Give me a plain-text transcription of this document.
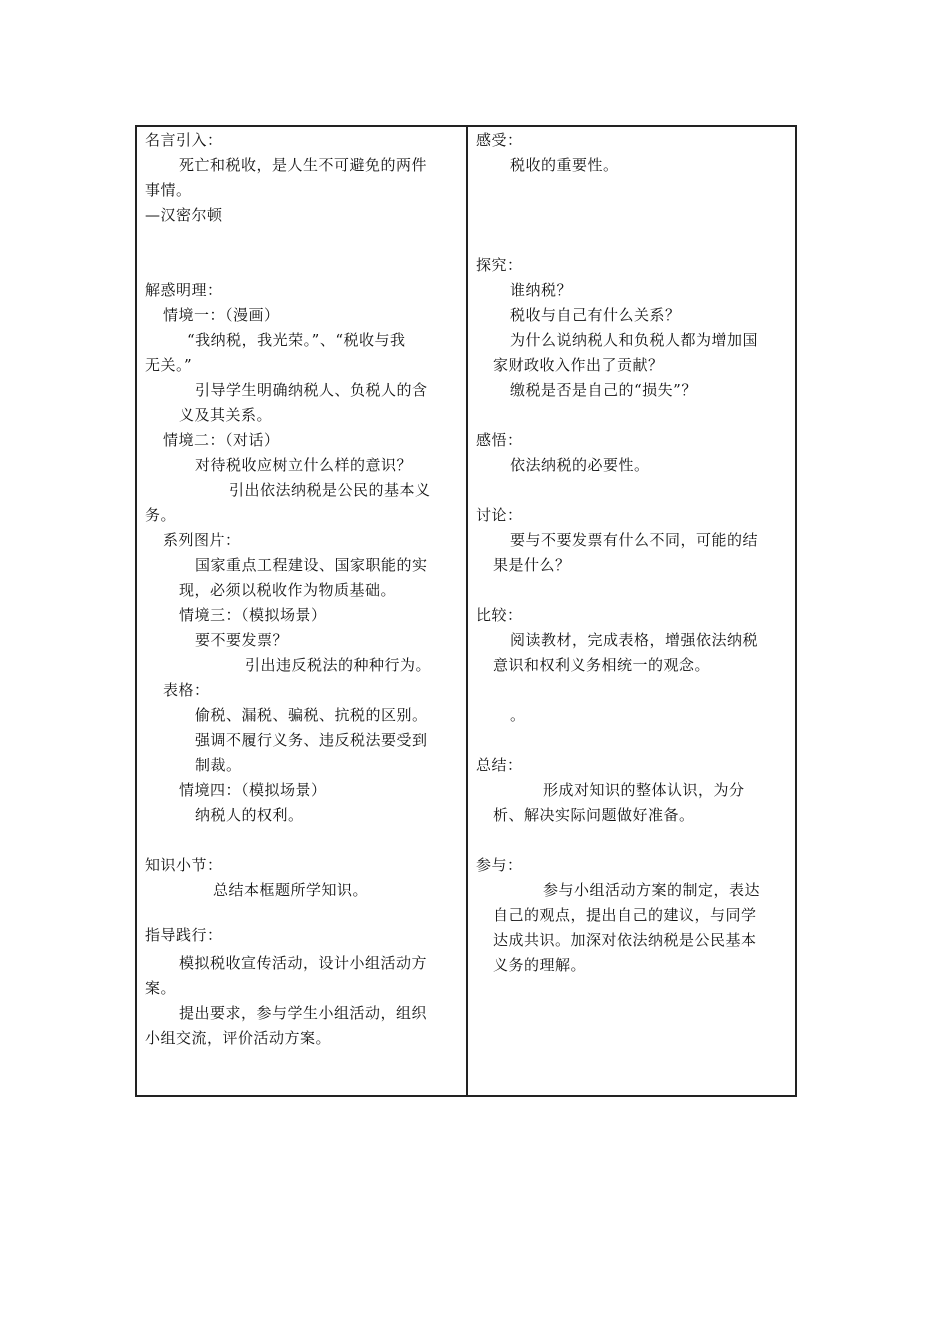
名言引入：
死亡和税收，是人生不可避免的两件
事情。
—汉密尔顿
解惑明理：
情境一：（漫画）
“我纳税，我光荣。”、“税收与我
无关。”
引导学生明确纳税人、负税人的含
义及其关系。
情境二：（对话）
对待税收应树立什么样的意识？
引出依法纳税是公民的基本义
务。
系列图片：
国家重点工程建设、国家职能的实
现，必须以税收作为物质基础。
情境三：（模拟场景）
要不要发票？
引出违反税法的种种行为。
表格：
偷税、漏税、骗税、抗税的区别。
强调不履行义务、违反税法要受到
制裁。
情境四：（模拟场景）
纳税人的权利。
知识小节：
总结本框题所学知识。
指导践行：
模拟税收宣传活动，设计小组活动方
案。
提出要求，参与学生小组活动，组织
小组交流，评价活动方案。
感受：
税收的重要性。
探究：
谁纳税？
税收与自己有什么关系？
为什么说纳税人和负税人都为增加国
家财政收入作出了贡献？
缴税是否是自己的“损失”？
感悟：
依法纳税的必要性。
讨论：
要与不要发票有什么不同，可能的结
果是什么？
比较：
阅读教材，完成表格，增强依法纳税
意识和权利义务相统一的观念。
。
总结：
形成对知识的整体认识，为分
析、解决实际问题做好准备。
参与：
参与小组活动方案的制定，表达
自己的观点，提出自己的建议，与同学
达成共识。加深对依法纳税是公民基本
义务的理解。
